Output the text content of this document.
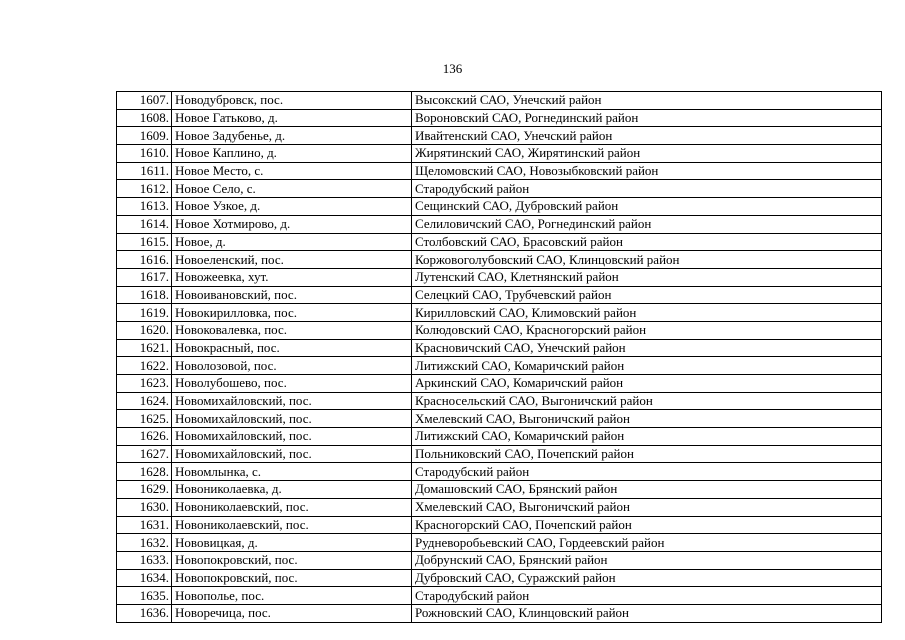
136
1607.	Новодубровск, пос.	Высокский САО, Унечский район
1608.	Новое Гатьково, д.	Вороновский САО, Рогнединский район
1609.	Новое Задубенье, д.	Ивайтенский САО, Унечский район
1610.	Новое Каплино, д.	Жирятинский САО, Жирятинский район
1611.	Новое Место, с.	Щеломовский САО, Новозыбковский район
1612.	Новое Село, с.	Стародубский район
1613.	Новое Узкое, д.	Сещинский САО, Дубровский район
1614.	Новое Хотмирово, д.	Селиловичский САО, Рогнединский район
1615.	Новое, д.	Столбовский САО, Брасовский район
1616.	Новоеленский, пос.	Коржовоголубовский САО, Клинцовский район
1617.	Новожеевка, хут.	Лутенский САО, Клетнянский район
1618.	Новоивановский, пос.	Селецкий САО, Трубчевский район
1619.	Новокирилловка, пос.	Кирилловский САО, Климовский район
1620.	Новоковалевка, пос.	Колюдовский САО, Красногорский район
1621.	Новокрасный, пос.	Красновичский САО, Унечский район
1622.	Новолозовой, пос.	Литижский САО, Комаричский район
1623.	Новолубошево, пос.	Аркинский САО, Комаричский район
1624.	Новомихайловский, пос.	Красносельский САО, Выгоничский район
1625.	Новомихайловский, пос.	Хмелевский САО, Выгоничский район
1626.	Новомихайловский, пос.	Литижский САО, Комаричский район
1627.	Новомихайловский, пос.	Польниковский САО, Почепский район
1628.	Новомлынка, с.	Стародубский район
1629.	Новониколаевка, д.	Домашовский САО, Брянский район
1630.	Новониколаевский, пос.	Хмелевский САО, Выгоничский район
1631.	Новониколаевский, пос.	Красногорский САО, Почепский район
1632.	Нововицкая, д.	Рудневоробьевский САО, Гордеевский район
1633.	Новопокровский, пос.	Добрунский САО, Брянский район
1634.	Новопокровский, пос.	Дубровский САО, Суражский район
1635.	Новополье, пос.	Стародубский район
1636.	Новоречица, пос.	Рожновский САО, Клинцовский район
